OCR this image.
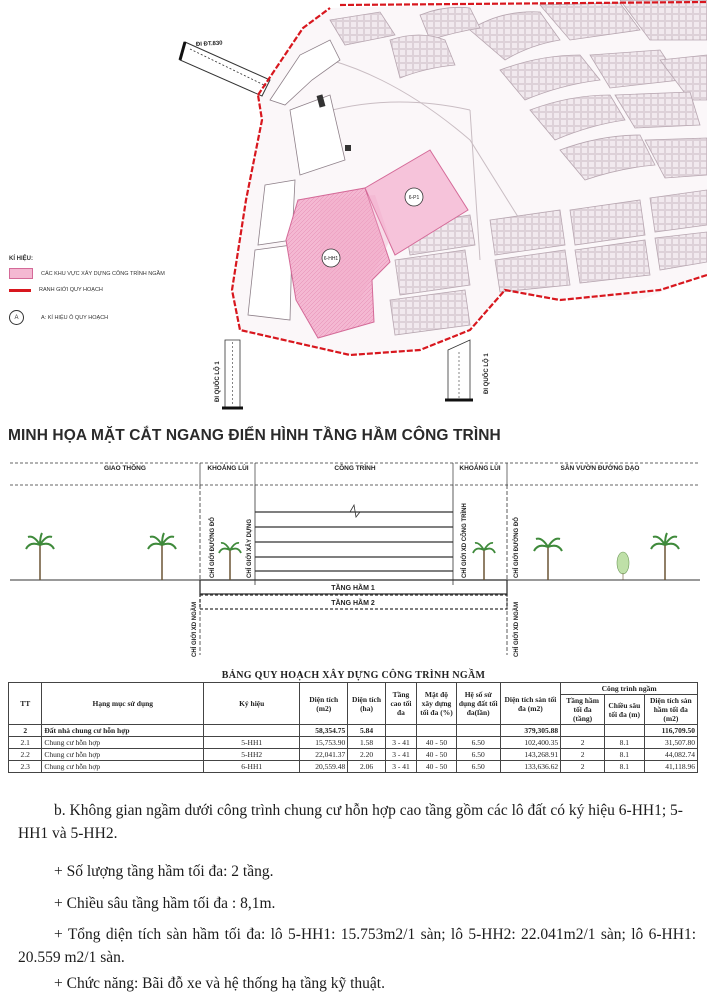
ĐI ĐT.830
6-HH1
6-P1
ĐI QUỐC LỘ 1	ĐI QUỐC LỘ 1
KÍ HIỆU:
CÁC KHU VỰC XÂY DỰNG CÔNG TRÌNH NGẦM
RANH GIỚI QUY HOẠCH
A	A: KÍ HIỆU Ô QUY HOẠCH
MINH HỌA MẶT CẮT NGANG ĐIỂN HÌNH TẦNG HẦM CÔNG TRÌNH
GIAO THÔNG	KHOẢNG LÙI	CÔNG TRÌNH	KHOẢNG LÙI	SÂN VƯỜN ĐƯỜNG DẠO
TẦNG HẦM 1
TẦNG HẦM 2
CHỈ GIỚI ĐƯỜNG ĐỎ	CHỈ GIỚI XÂY DỰNG	CHỈ GIỚI XD CÔNG TRÌNH	CHỈ GIỚI ĐƯỜNG ĐỎ
CHỈ GIỚI XD NGẦM	CHỈ GIỚI XD NGẦM
BẢNG QUY HOẠCH XÂY DỰNG CÔNG TRÌNH NGẦM
TT	Hạng mục sử dụng	Ký hiệu	Diện tích (m2)	Diện tích (ha)	Tầng cao tối đa	Mật độ xây dựng tối đa (%)	Hệ số sử dụng đất tối đa(lần)	Diện tích sàn tối đa (m2)	Công trình ngầm		
									Tầng hầm tối đa (tầng)	Chiều sâu tối đa (m)	Diện tích sàn hầm tối đa (m2)
2	Đất nhà chung cư hỗn hợp		58,354.75	5.84				379,305.88			116,709.50
2.1	Chung cư hỗn hợp	5-HH1	15,753.90	1.58	3 - 41	40 - 50	6.50	102,400.35	2	8.1	31,507.80
2.2	Chung cư hỗn hợp	5-HH2	22,041.37	2.20	3 - 41	40 - 50	6.50	143,268.91	2	8.1	44,082.74
2.3	Chung cư hỗn hợp	6-HH1	20,559.48	2.06	3 - 41	40 - 50	6.50	133,636.62	2	8.1	41,118.96
b. Không gian ngầm dưới công trình chung cư hỗn hợp cao tầng gồm các lô đất có ký hiệu 6-HH1; 5-HH1 và 5-HH2.
+ Số lượng tầng hầm tối đa: 2 tầng.
+ Chiều sâu tầng hầm tối đa : 8,1m.
+ Tổng diện tích sàn hầm tối đa: lô 5-HH1: 15.753m2/1 sàn; lô 5-HH2: 22.041m2/1 sàn; lô 6-HH1: 20.559 m2/1 sàn.
+ Chức năng: Bãi đỗ xe và hệ thống hạ tầng kỹ thuật.
